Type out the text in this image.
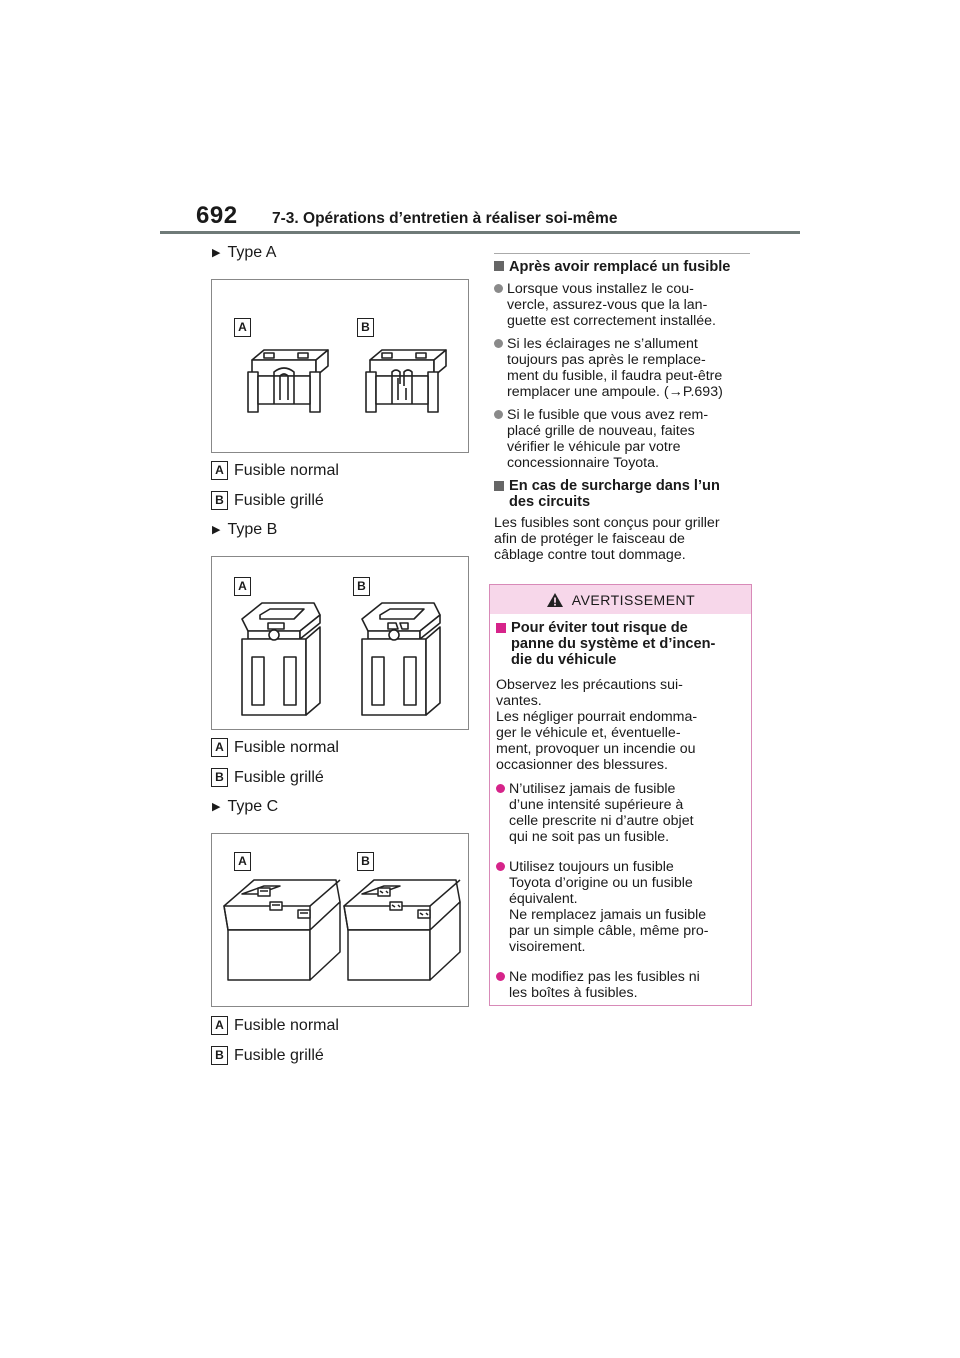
692 7-3. Opérations d’entretien à réaliser soi-même
▶ Type A
A	B
A Fusible normal
B Fusible grillé
▶ Type B
A	B
A Fusible normal
B Fusible grillé
▶ Type C
A	B
A Fusible normal
B Fusible grillé
Après avoir remplacé un fusible
Lorsque vous installez le cou-
vercle, assurez-vous que la lan-
guette est correctement installée.
Si les éclairages ne s’allument
toujours pas après le remplace-
ment du fusible, il faudra peut-être
remplacer une ampoule. (→P.693)
Si le fusible que vous avez rem-
placé grille de nouveau, faites
vérifier le véhicule par votre
concessionnaire Toyota.
En cas de surcharge dans l’un
des circuits
Les fusibles sont conçus pour griller
afin de protéger le faisceau de
câblage contre tout dommage.
AVERTISSEMENT
Pour éviter tout risque de
panne du système et d’incen-
die du véhicule
Observez les précautions sui-
vantes.
Les négliger pourrait endomma-
ger le véhicule et, éventuelle-
ment, provoquer un incendie ou
occasionner des blessures.
N’utilisez jamais de fusible
d’une intensité supérieure à
celle prescrite ni d’autre objet
qui ne soit pas un fusible.
Utilisez toujours un fusible
Toyota d’origine ou un fusible
équivalent.
Ne remplacez jamais un fusible
par un simple câble, même pro-
visoirement.
Ne modifiez pas les fusibles ni
les boîtes à fusibles.
